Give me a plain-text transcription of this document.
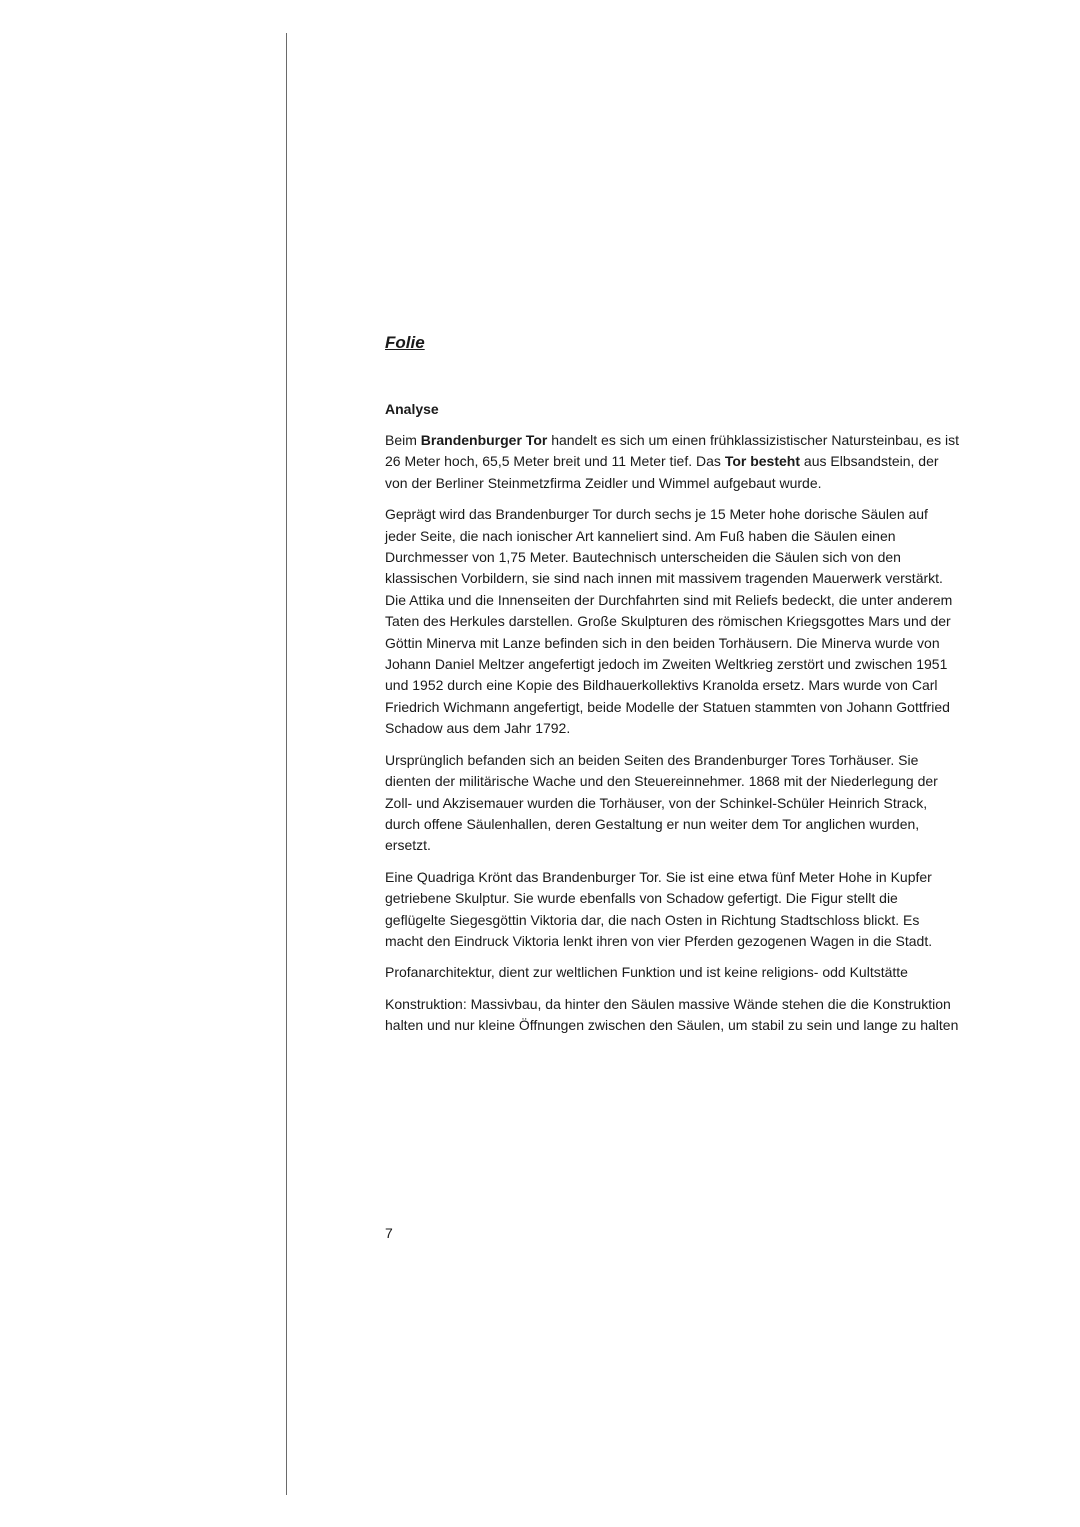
Folie
Analyse

Beim Brandenburger Tor handelt es sich um einen frühklassizistischer Natursteinbau, es ist 26 Meter hoch, 65,5 Meter breit und 11 Meter tief. Das Tor besteht aus Elbsandstein, der von der Berliner Steinmetzfirma Zeidler und Wimmel aufgebaut wurde.

Geprägt wird das Brandenburger Tor durch sechs je 15 Meter hohe dorische Säulen auf jeder Seite, die nach ionischer Art kanneliert sind. Am Fuß haben die Säulen einen Durchmesser von 1,75 Meter. Bautechnisch unterscheiden die Säulen sich von den klassischen Vorbildern, sie sind nach innen mit massivem tragenden Mauerwerk verstärkt. Die Attika und die Innenseiten der Durchfahrten sind mit Reliefs bedeckt, die unter anderem Taten des Herkules darstellen. Große Skulpturen des römischen Kriegsgottes Mars und der Göttin Minerva mit Lanze befinden sich in den beiden Torhäusern. Die Minerva wurde von Johann Daniel Meltzer angefertigt jedoch im Zweiten Weltkrieg zerstört und zwischen 1951 und 1952 durch eine Kopie des Bildhauerkollektivs Kranolda ersetz. Mars wurde von Carl Friedrich Wichmann angefertigt, beide Modelle der Statuen stammten von Johann Gottfried Schadow aus dem Jahr 1792.

Ursprünglich befanden sich an beiden Seiten des Brandenburger Tores Torhäuser. Sie dienten der militärische Wache und den Steuereinnehmer. 1868 mit der Niederlegung der Zoll- und Akzisemauer wurden die Torhäuser, von der Schinkel-Schüler Heinrich Strack, durch offene Säulenhallen, deren Gestaltung er nun weiter dem Tor anglichen wurden, ersetzt.

Eine Quadriga Krönt das Brandenburger Tor. Sie ist eine etwa fünf Meter Hohe in Kupfer getriebene Skulptur. Sie wurde ebenfalls von Schadow gefertigt. Die Figur stellt die geflügelte Siegesgöttin Viktoria dar, die nach Osten in Richtung Stadtschloss blickt. Es macht den Eindruck Viktoria lenkt ihren von vier Pferden gezogenen Wagen in die Stadt.

Profanarchitektur, dient zur weltlichen Funktion und ist keine religions- odd Kultstätte

Konstruktion: Massivbau, da hinter den Säulen massive Wände stehen die die Konstruktion halten und nur kleine Öffnungen zwischen den Säulen, um stabil zu sein und lange zu halten

7
